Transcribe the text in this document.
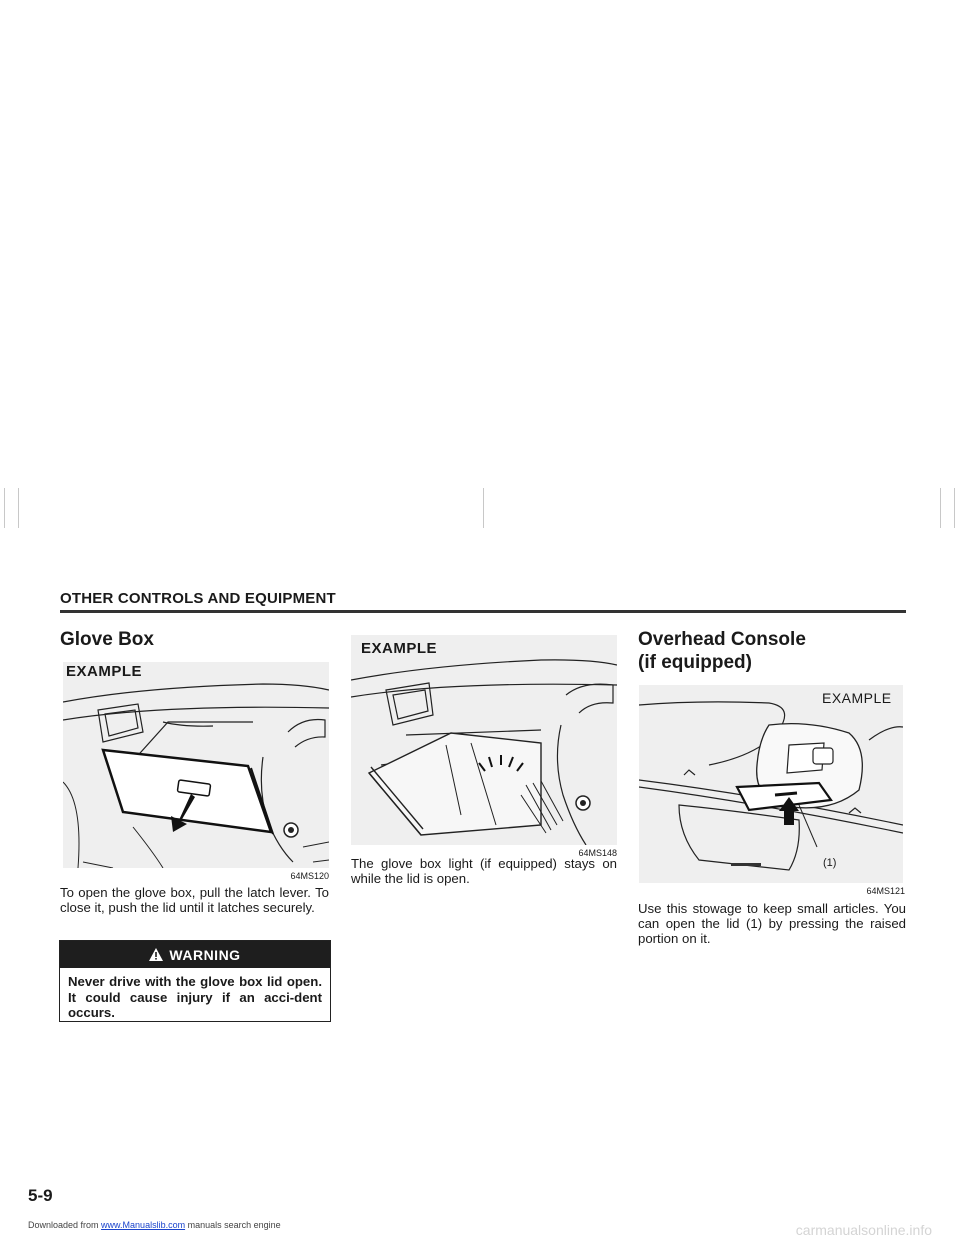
OTHER CONTROLS AND EQUIPMENT
Glove Box
EXAMPLE
64MS120
To open the glove box, pull the latch lever. To close it, push the lid until it latches securely.
WARNING
Never drive with the glove box lid open. It could cause injury if an acci-dent occurs.
EXAMPLE
64MS148
The glove box light (if equipped) stays on while the lid is open.
Overhead Console
(if equipped)
EXAMPLE
(1)
64MS121
Use this stowage to keep small articles. You can open the lid (1) by pressing the raised portion on it.
5-9
Downloaded from www.Manualslib.com manuals search engine	carmanualsonline.info
